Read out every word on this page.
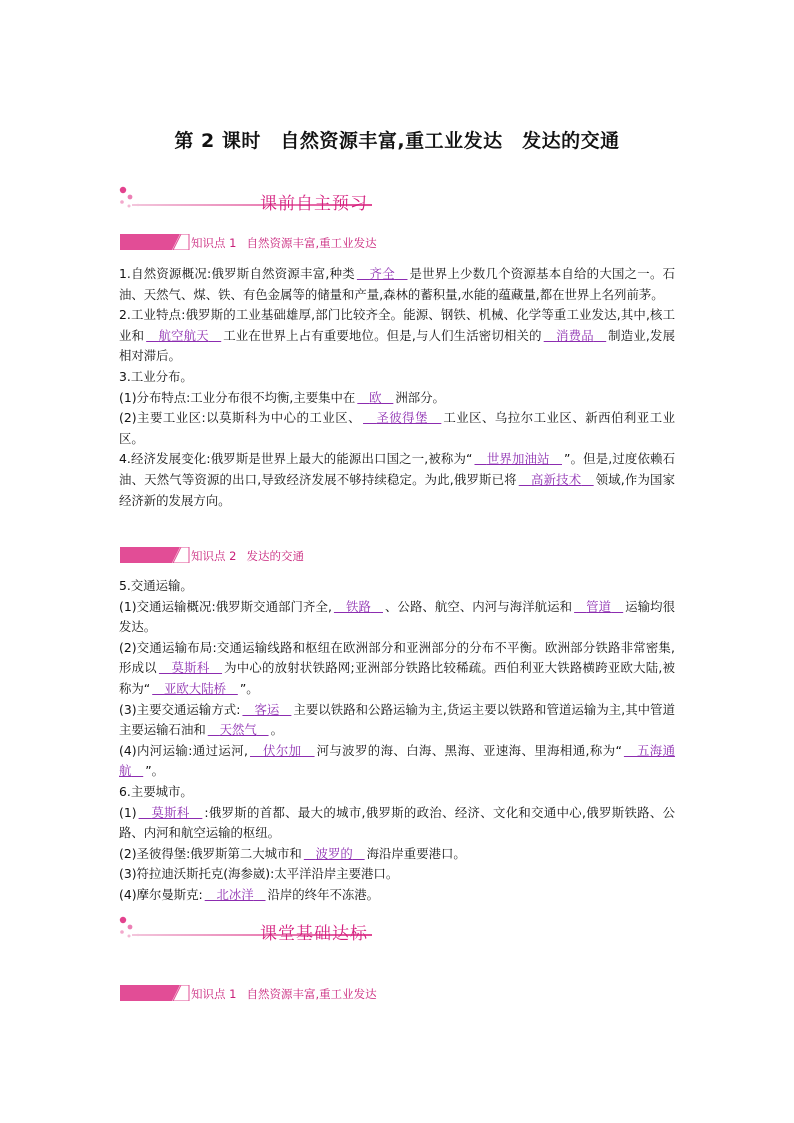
第 2 课时　自然资源丰富,重工业发达　发达的交通
课前自主预习
知识点 1 自然资源丰富,重工业发达

1.自然资源概况:俄罗斯自然资源丰富,种类 齐全 是世界上少数几个资源基本自给的大国之一。石油、天然气、煤、铁、有色金属等的储量和产量,森林的蓄积量,水能的蕴藏量,都在世界上名列前茅。

2.工业特点:俄罗斯的工业基础雄厚,部门比较齐全。能源、钢铁、机械、化学等重工业发达,其中,核工业和 航空航天 工业在世界上占有重要地位。但是,与人们生活密切相关的 消费品 制造业,发展相对滞后。

3.工业分布。

(1)分布特点:工业分布很不均衡,主要集中在 欧 洲部分。

(2)主要工业区:以莫斯科为中心的工业区、 圣彼得堡 工业区、乌拉尔工业区、新西伯利亚工业区。

4.经济发展变化:俄罗斯是世界上最大的能源出口国之一,被称为“ 世界加油站 ”。但是,过度依赖石油、天然气等资源的出口,导致经济发展不够持续稳定。为此,俄罗斯已将 高新技术 领域,作为国家经济新的发展方向。

知识点 2 发达的交通

5.交通运输。

(1)交通运输概况:俄罗斯交通部门齐全, 铁路 、公路、航空、内河与海洋航运和 管道 运输均很发达。

(2)交通运输布局:交通运输线路和枢纽在欧洲部分和亚洲部分的分布不平衡。欧洲部分铁路非常密集,形成以 莫斯科 为中心的放射状铁路网;亚洲部分铁路比较稀疏。西伯利亚大铁路横跨亚欧大陆,被称为“ 亚欧大陆桥 ”。

(3)主要交通运输方式: 客运 主要以铁路和公路运输为主,货运主要以铁路和管道运输为主,其中管道主要运输石油和 天然气 。

(4)内河运输:通过运河, 伏尔加 河与波罗的海、白海、黑海、亚速海、里海相通,称为“ 五海通航 ”。

6.主要城市。

(1) 莫斯科 :俄罗斯的首都、最大的城市,俄罗斯的政治、经济、文化和交通中心,俄罗斯铁路、公路、内河和航空运输的枢纽。

(2)圣彼得堡:俄罗斯第二大城市和 波罗的 海沿岸重要港口。

(3)符拉迪沃斯托克(海参崴):太平洋沿岸主要港口。

(4)摩尔曼斯克: 北冰洋 沿岸的终年不冻港。

课堂基础达标
知识点 1 自然资源丰富,重工业发达
